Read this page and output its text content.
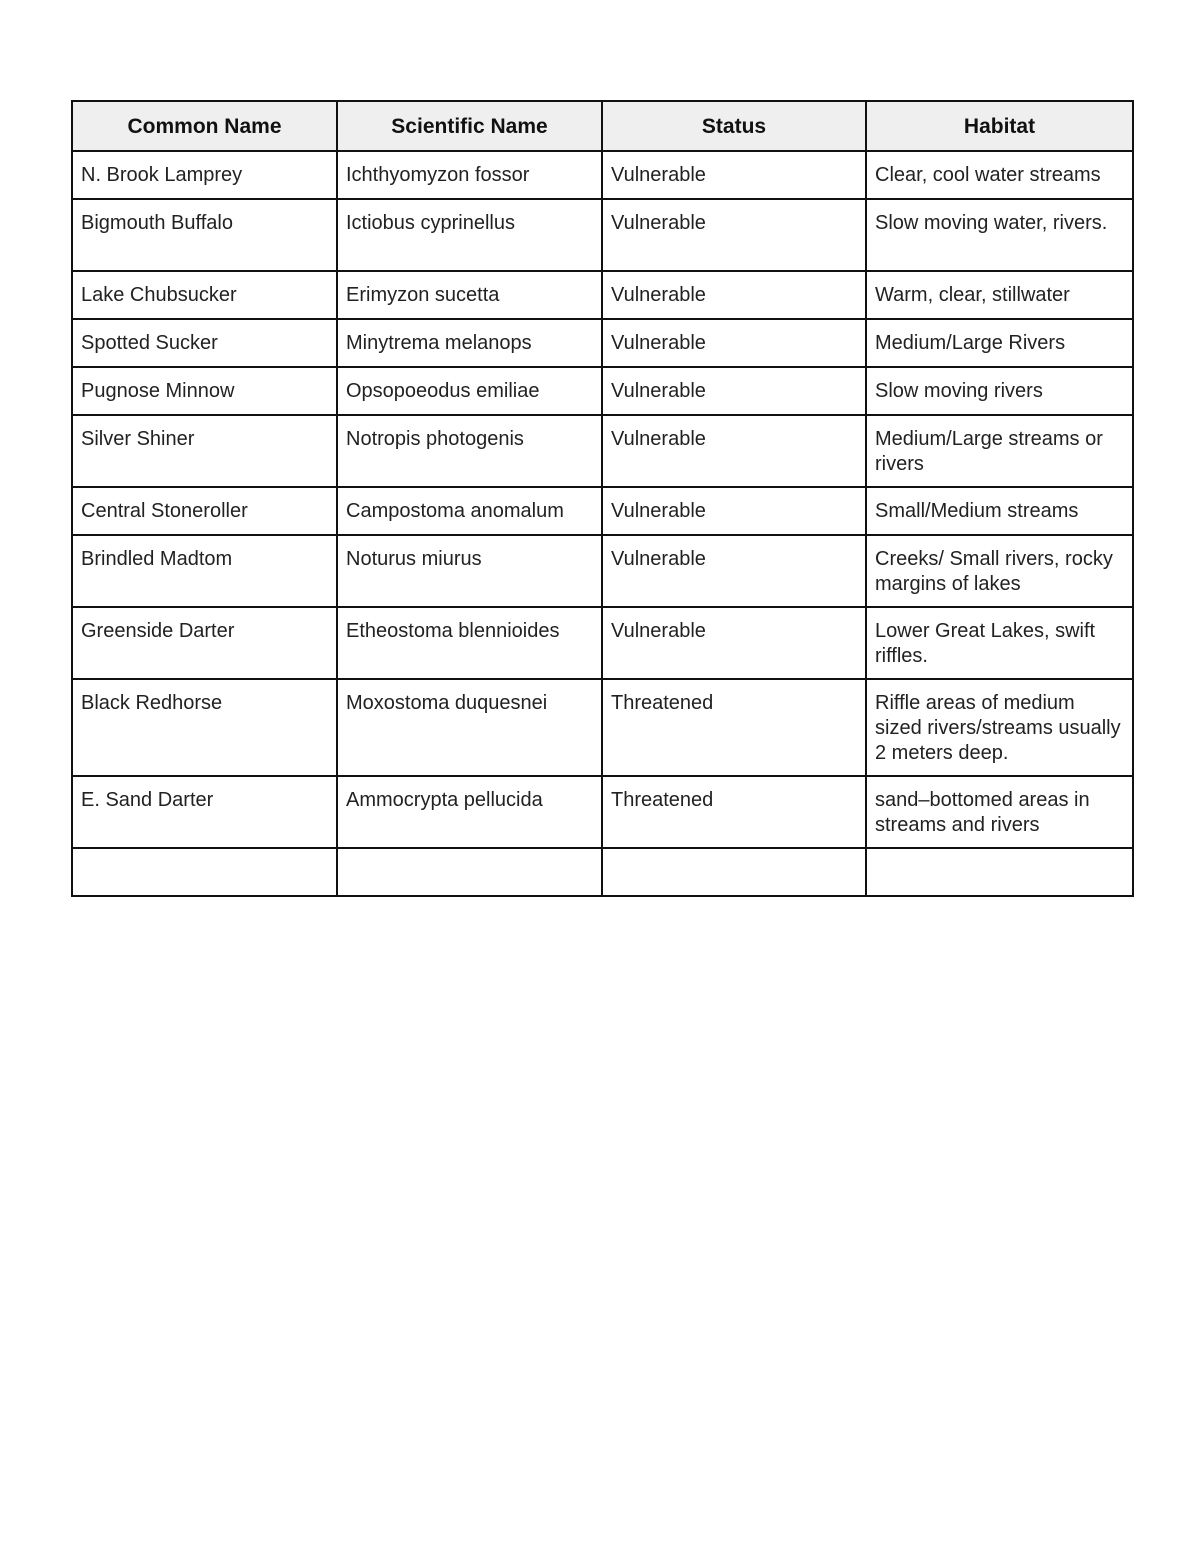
Common Name	Scientific Name	Status	Habitat
N. Brook Lamprey	Ichthyomyzon fossor	Vulnerable	Clear, cool water streams
Bigmouth Buffalo	Ictiobus cyprinellus	Vulnerable	Slow moving water, rivers.
Lake Chubsucker	Erimyzon sucetta	Vulnerable	Warm, clear, stillwater
Spotted Sucker	Minytrema melanops	Vulnerable	Medium/Large Rivers
Pugnose Minnow	Opsopoeodus emiliae	Vulnerable	Slow moving rivers
Silver Shiner	Notropis photogenis	Vulnerable	Medium/Large streams or rivers
Central Stoneroller	Campostoma anomalum	Vulnerable	Small/Medium streams
Brindled Madtom	Noturus miurus	Vulnerable	Creeks/ Small rivers, rocky margins of lakes
Greenside Darter	Etheostoma blennioides	Vulnerable	Lower Great Lakes, swift riffles.
Black Redhorse	Moxostoma duquesnei	Threatened	Riffle areas of medium sized rivers/streams usually 2 meters deep.
E. Sand Darter	Ammocrypta pellucida	Threatened	sand–bottomed areas in streams and rivers
